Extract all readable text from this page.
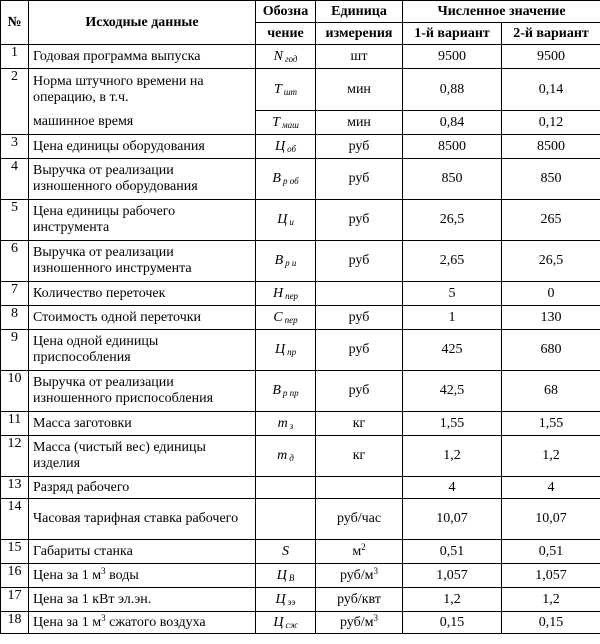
№	Исходные данные	Обозна	Единица	Численное значение	
		чение	измерения	1-й вариант	2-й вариант
1	Годовая программа выпуска	N год	шт	9500	9500
2	Норма штучного времени на операцию, в т.ч.	T шт	мин	0,88	0,14
	машинное время	T маш	мин	0,84	0,12
3	Цена единицы оборудования	Ц об	руб	8500	8500
4	Выручка от реализации изношенного оборудования	В р об	руб	850	850
5	Цена единицы рабочего инструмента	Ц и	руб	26,5	265
6	Выручка от реализации изношенного инструмента	В р и	руб	2,65	26,5
7	Количество переточек	Н пер		5	0
8	Стоимость одной переточки	С пер	руб	1	130
9	Цена одной единицы приспособления	Ц пр	руб	425	680
10	Выручка от реализации изношенного приспособления	В р пр	руб	42,5	68
11	Масса заготовки	m з	кг	1,55	1,55
12	Масса (чистый вес) единицы изделия	m д	кг	1,2	1,2
13	Разряд рабочего			4	4
14	Часовая тарифная ставка рабочего		руб/час	10,07	10,07
15	Габариты станка	S	$м^2$	0,51	0,51
16	Цена за 1 $м^3$ воды	Ц В	руб/$м^3$	1,057	1,057
17	Цена за 1 кВт эл.эн.	Ц ээ	руб/квт	1,2	1,2
18	Цена за 1 $м^3$ сжатого воздуха	Ц сж	руб/$м^3$	0,15	0,15
